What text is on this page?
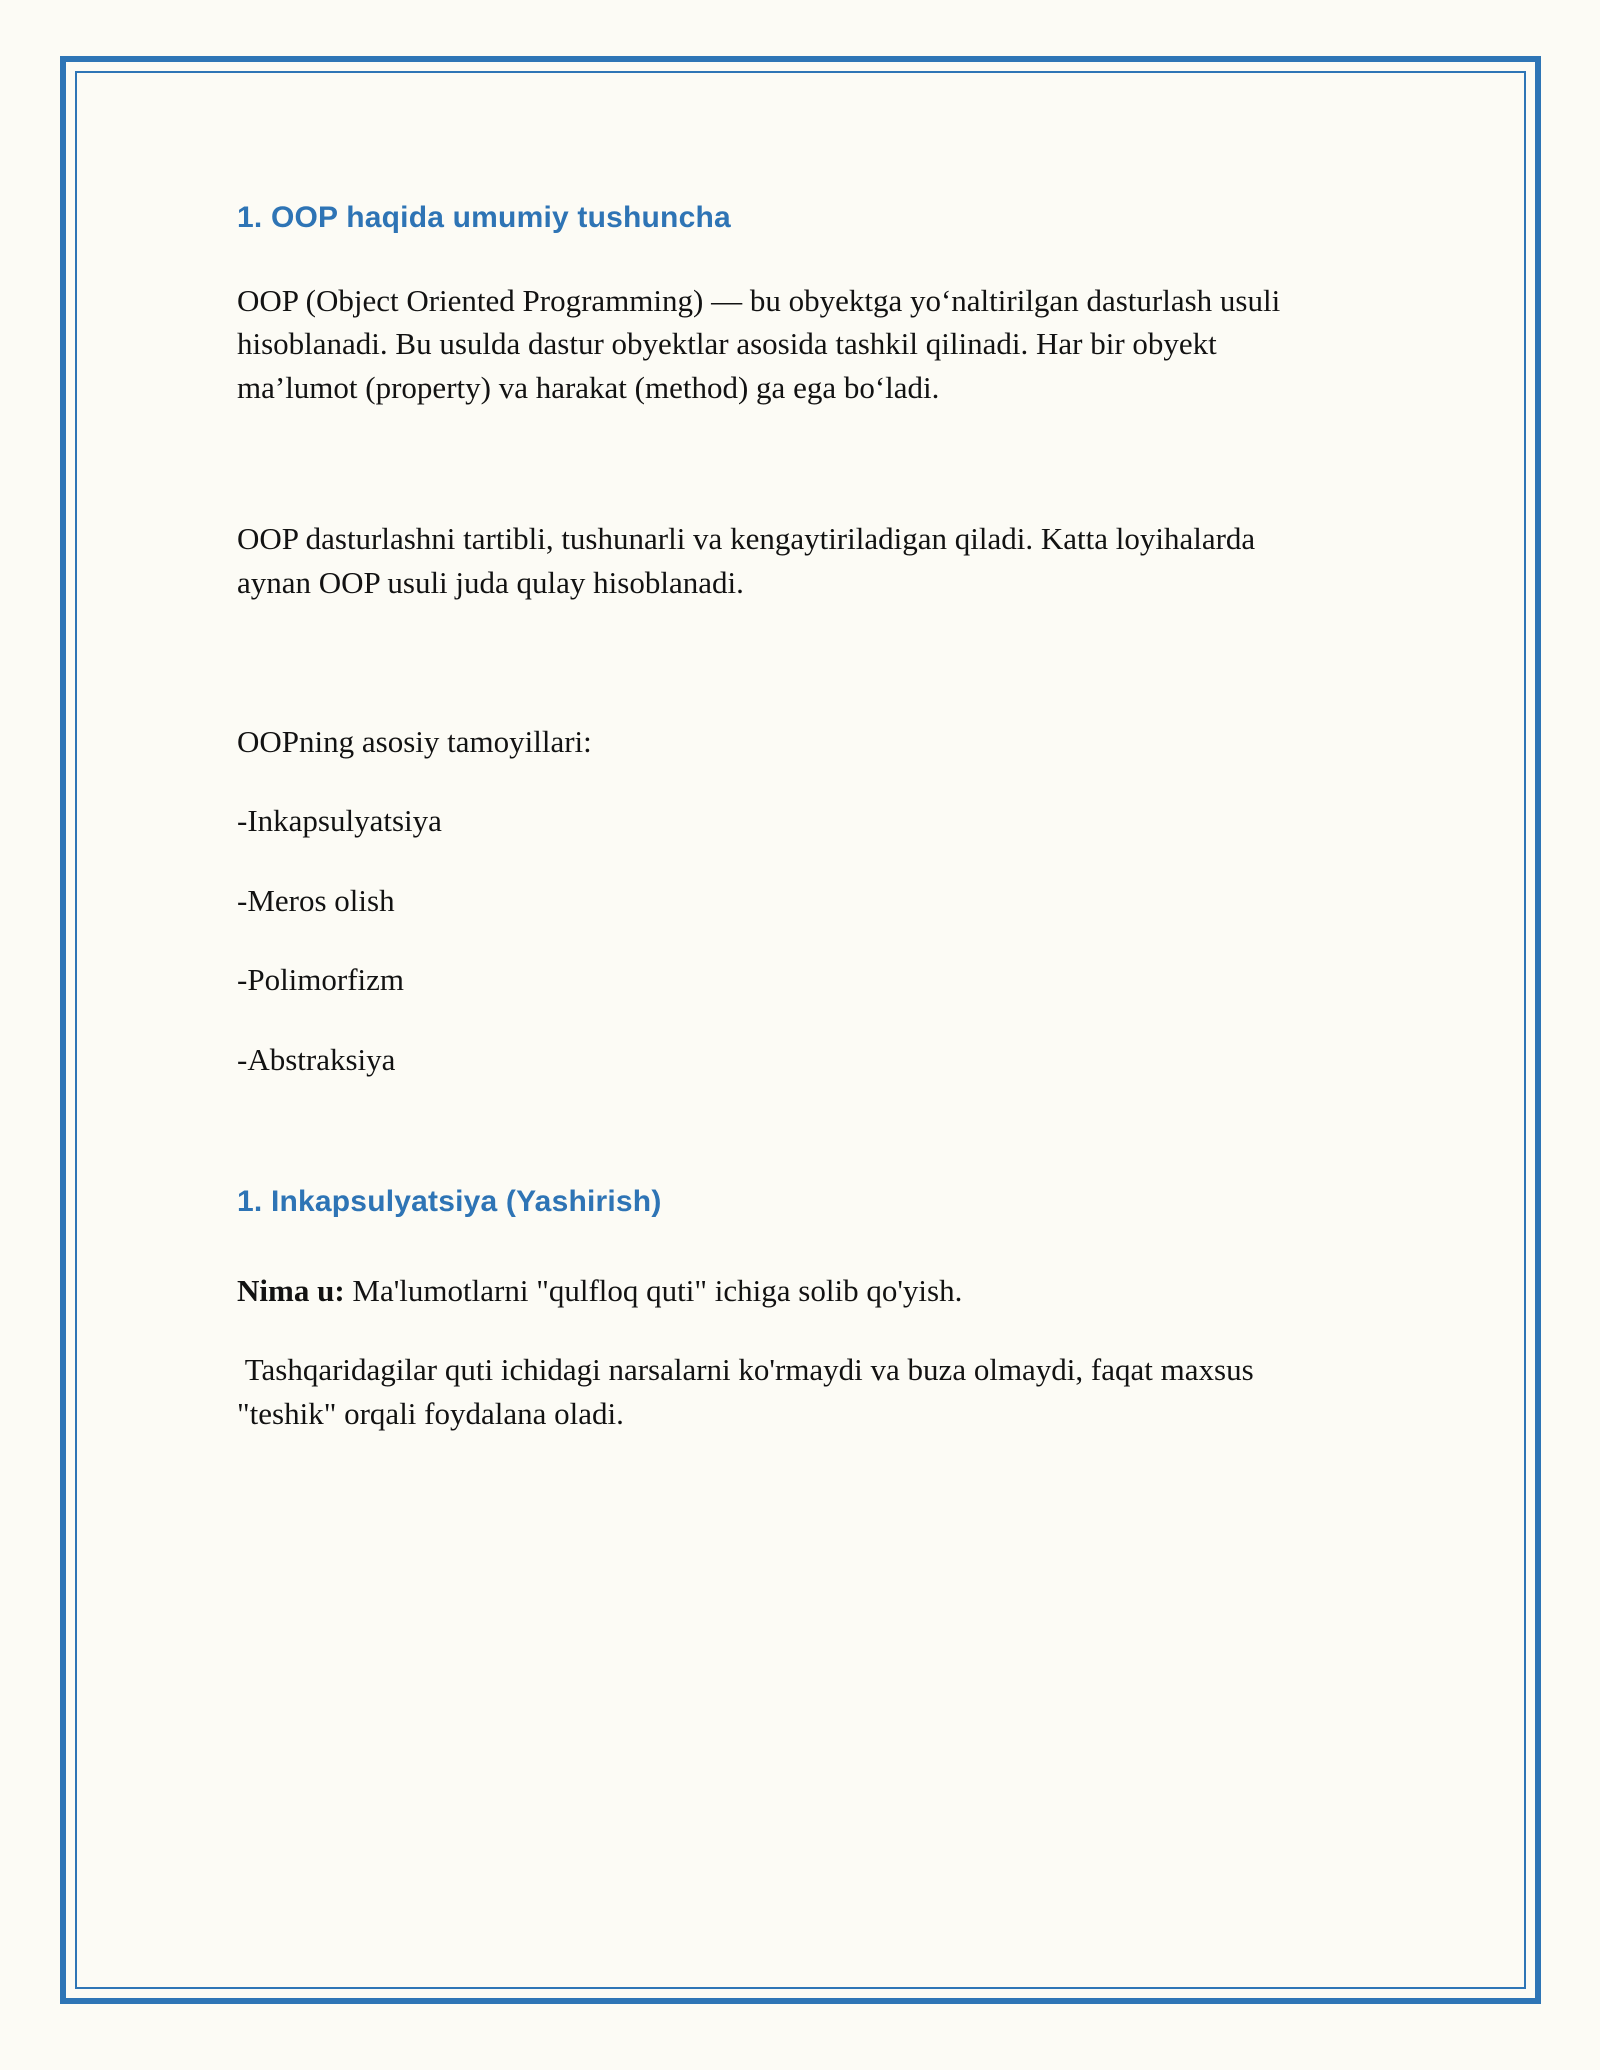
1. OOP haqida umumiy tushuncha

OOP (Object Oriented Programming) — bu obyektga yo‘naltirilgan dasturlash usuli hisoblanadi. Bu usulda dastur obyektlar asosida tashkil qilinadi. Har bir obyekt ma’lumot (property) va harakat (method) ga ega bo‘ladi.

OOP dasturlashni tartibli, tushunarli va kengaytiriladigan qiladi. Katta loyihalarda aynan OOP usuli juda qulay hisoblanadi.

OOPning asosiy tamoyillari:

-Inkapsulyatsiya

-Meros olish

-Polimorfizm

-Abstraksiya

1. Inkapsulyatsiya (Yashirish)

Nima u: Ma'lumotlarni "qulfloq quti" ichiga solib qo'yish.

Tashqaridagilar quti ichidagi narsalarni ko'rmaydi va buza olmaydi, faqat maxsus "teshik" orqali foydalana oladi.
